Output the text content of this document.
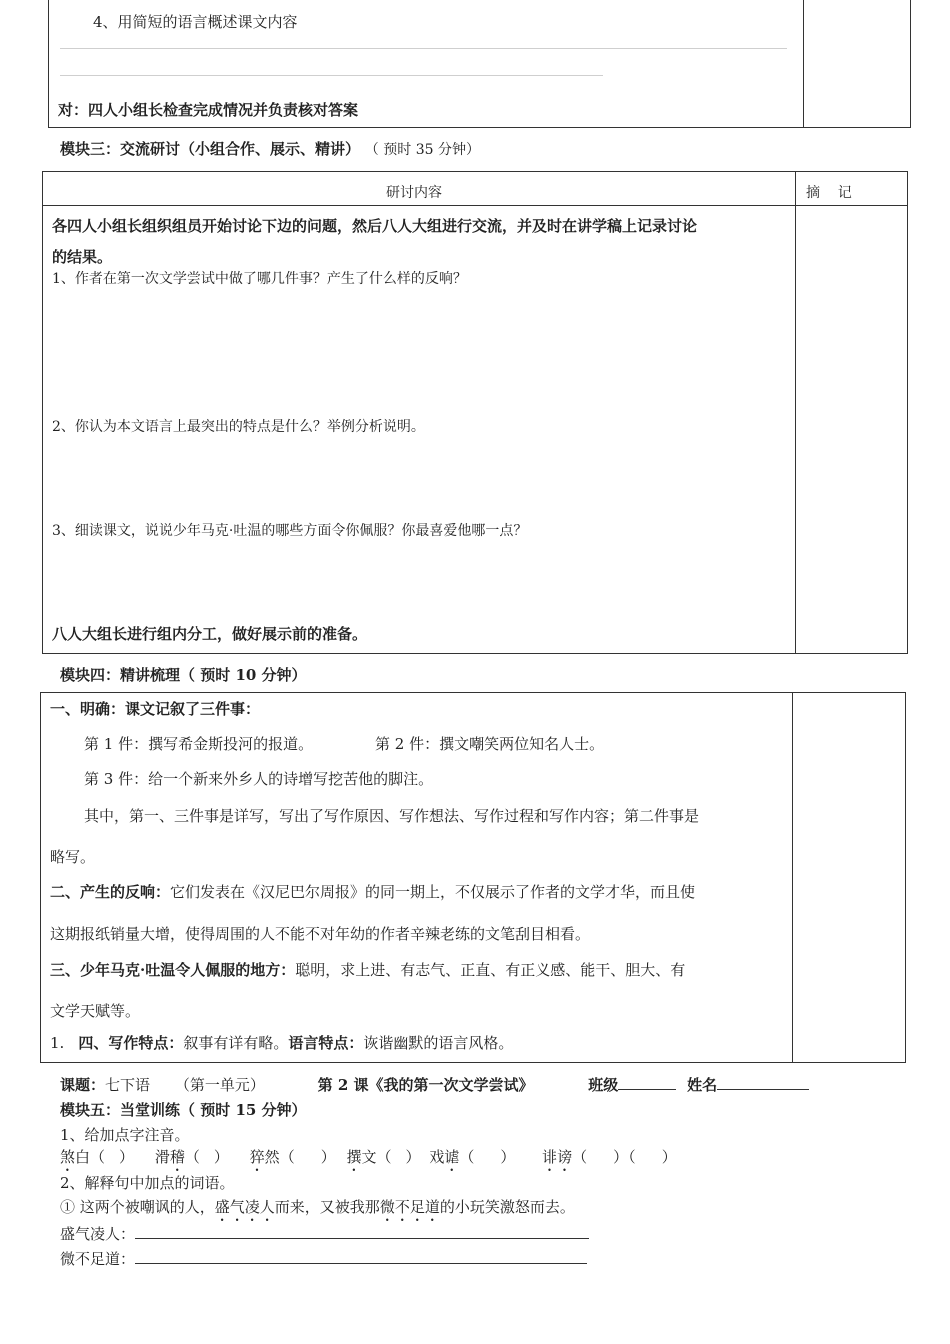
4、用简短的语言概述课文内容
对：四人小组长检查完成情况并负责核对答案
模块三：交流研讨（小组合作、展示、精讲） （ 预时 35 分钟）
研讨内容	摘    记
各四人小组长组织组员开始讨论下边的问题，然后八人大组进行交流，并及时在讲学稿上记录讨论
的结果。
1、作者在第一次文学尝试中做了哪几件事？产生了什么样的反响？
2、你认为本文语言上最突出的特点是什么？举例分析说明。
3、细读课文，说说少年马克·吐温的哪些方面令你佩服？你最喜爱他哪一点？
八人大组长进行组内分工，做好展示前的准备。
模块四：精讲梳理（ 预时 10 分钟）
一、明确：课文记叙了三件事：
第 1 件：撰写希金斯投河的报道。	第 2 件：撰文嘲笑两位知名人士。
第 3 件：给一个新来外乡人的诗增写挖苦他的脚注。
其中，第一、三件事是详写，写出了写作原因、写作想法、写作过程和写作内容；第二件事是
略写。
二、产生的反响：它们发表在《汉尼巴尔周报》的同一期上，不仅展示了作者的文学才华，而且使
这期报纸销量大增，使得周围的人不能不对年幼的作者辛辣老练的文笔刮目相看。
三、少年马克·吐温令人佩服的地方：聪明，求上进、有志气、正直、有正义感、能干、胆大、有
文学天赋等。
1. 四、写作特点：叙事有详有略。语言特点：诙谐幽默的语言风格。
课题：七下语 （第一单元）	第 2 课《我的第一次文学尝试》	班级	姓名
模块五：当堂训练（ 预时 15 分钟）
1、给加点字注音。
煞白（ ） 滑稽（ ） 猝然（ ） 撰文（ ） 戏谑（ ） 诽谤（ ）（ ）
2、解释句中加点的词语。
① 这两个被嘲讽的人，盛气凌人而来，又被我那微不足道的小玩笑激怒而去。
盛气凌人：
微不足道：
